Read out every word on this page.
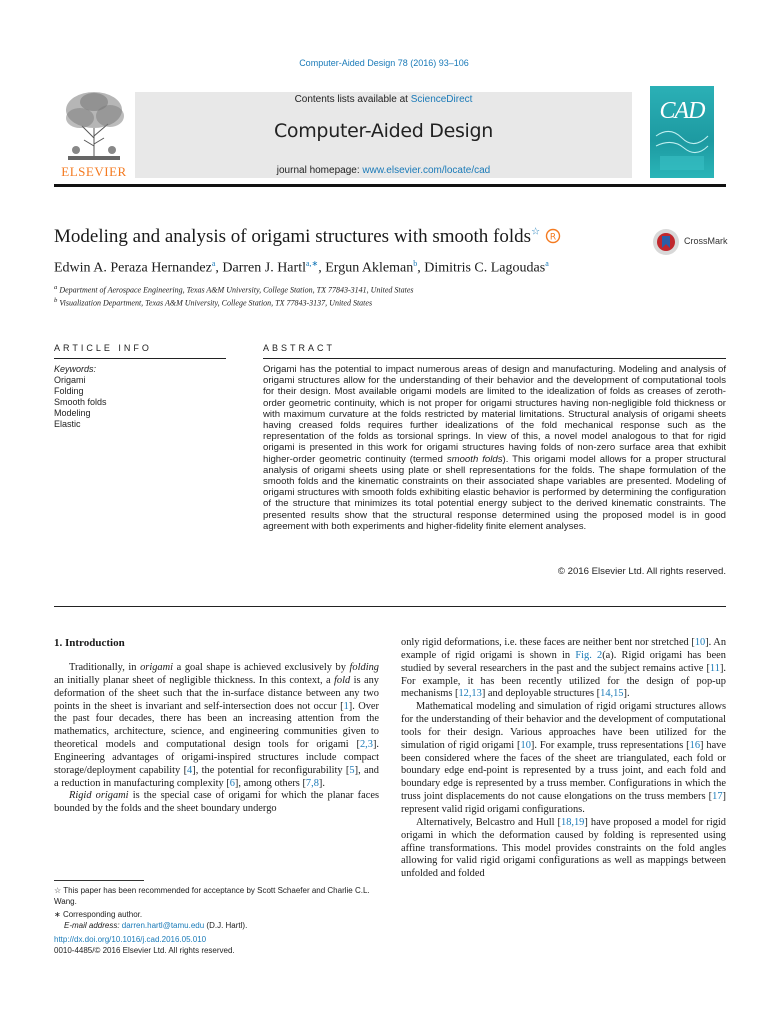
Computer-Aided Design 78 (2016) 93–106
ELSEVIER
Contents lists available at ScienceDirect
Computer-Aided Design
journal homepage: www.elsevier.com/locate/cad
CAD
Modeling and analysis of origami structures with smooth folds☆ R	CrossMark
Edwin A. Peraza Hernandez$^a$, Darren J. Hartl$^{a,∗}$, Ergun Akleman$^b$, Dimitris C. Lagoudas$^a$
$^a$ Department of Aerospace Engineering, Texas A&M University, College Station, TX 77843-3141, United States
$^b$ Visualization Department, Texas A&M University, College Station, TX 77843-3137, United States
ARTICLE INFO	ABSTRACT
Keywords:
Origami
Folding
Smooth folds
Modeling
Elastic
Origami has the potential to impact numerous areas of design and manufacturing. Modeling and analysis of origami structures allow for the understanding of their behavior and the development of computational tools for their design. Most available origami models are limited to the idealization of folds as creases of zeroth-order geometric continuity, which is not proper for origami structures having non-negligible fold thickness or with maximum curvature at the folds restricted by material limitations. Structural analysis of origami sheets having creased folds requires further idealizations of the fold mechanical response such as the representation of the folds as torsional springs. In view of this, a novel model analogous to that for rigid origami is presented in this work for origami structures having folds of non-zero surface area that exhibit higher-order geometric continuity (termed smooth folds). This origami model allows for a proper structural analysis of origami sheets using plate or shell representations for the folds. The shape formulation of the smooth folds and the kinematic constraints on their associated shape variables are presented. Modeling of origami structures with smooth folds exhibiting elastic behavior is performed by determining the configuration of the structure that minimizes its total potential energy subject to the derived kinematic constraints. The presented results show that the structural response determined using the proposed model is in good agreement with both experiments and higher-fidelity finite element analyses.
© 2016 Elsevier Ltd. All rights reserved.
1. Introduction

Traditionally, in origami a goal shape is achieved exclusively by folding an initially planar sheet of negligible thickness. In this context, a fold is any deformation of the sheet such that the in-surface distance between any two points in the sheet is invariant and self-intersection does not occur [1]. Over the past four decades, there has been an increasing attention from the mathematics, architecture, science, and engineering communities given to theoretical models and computational design tools for origami [2,3]. Engineering advantages of origami-inspired structures include compact storage/deployment capability [4], the potential for reconfigurability [5], and a reduction in manufacturing complexity [6], among others [7,8].

Rigid origami is the special case of origami for which the planar faces bounded by the folds and the sheet boundary undergo

only rigid deformations, i.e. these faces are neither bent nor stretched [10]. An example of rigid origami is shown in Fig. 2(a). Rigid origami has been studied by several researchers in the past and the subject remains active [11]. For example, it has been recently utilized for the design of pop-up mechanisms [12,13] and deployable structures [14,15].

Mathematical modeling and simulation of rigid origami structures allows for the understanding of their behavior and the development of computational tools for their design. Various approaches have been utilized for the simulation of rigid origami [10]. For example, truss representations [16] have been considered where the faces of the sheet are triangulated, each fold or boundary edge end-point is represented by a truss joint, and each fold and boundary edge is represented by a truss member. Configurations in which the truss joint displacements do not cause elongations on the truss members [17] represent valid rigid origami configurations.

Alternatively, Belcastro and Hull [18,19] have proposed a model for rigid origami in which the deformation caused by folding is represented using affine transformations. This model provides constraints on the fold angles allowing for valid rigid origami configurations as well as mappings between unfolded and folded

☆ This paper has been recommended for acceptance by Scott Schaefer and Charlie C.L. Wang.
∗ Corresponding author.
E-mail address: darren.hartl@tamu.edu (D.J. Hartl).
http://dx.doi.org/10.1016/j.cad.2016.05.010
0010-4485/© 2016 Elsevier Ltd. All rights reserved.
